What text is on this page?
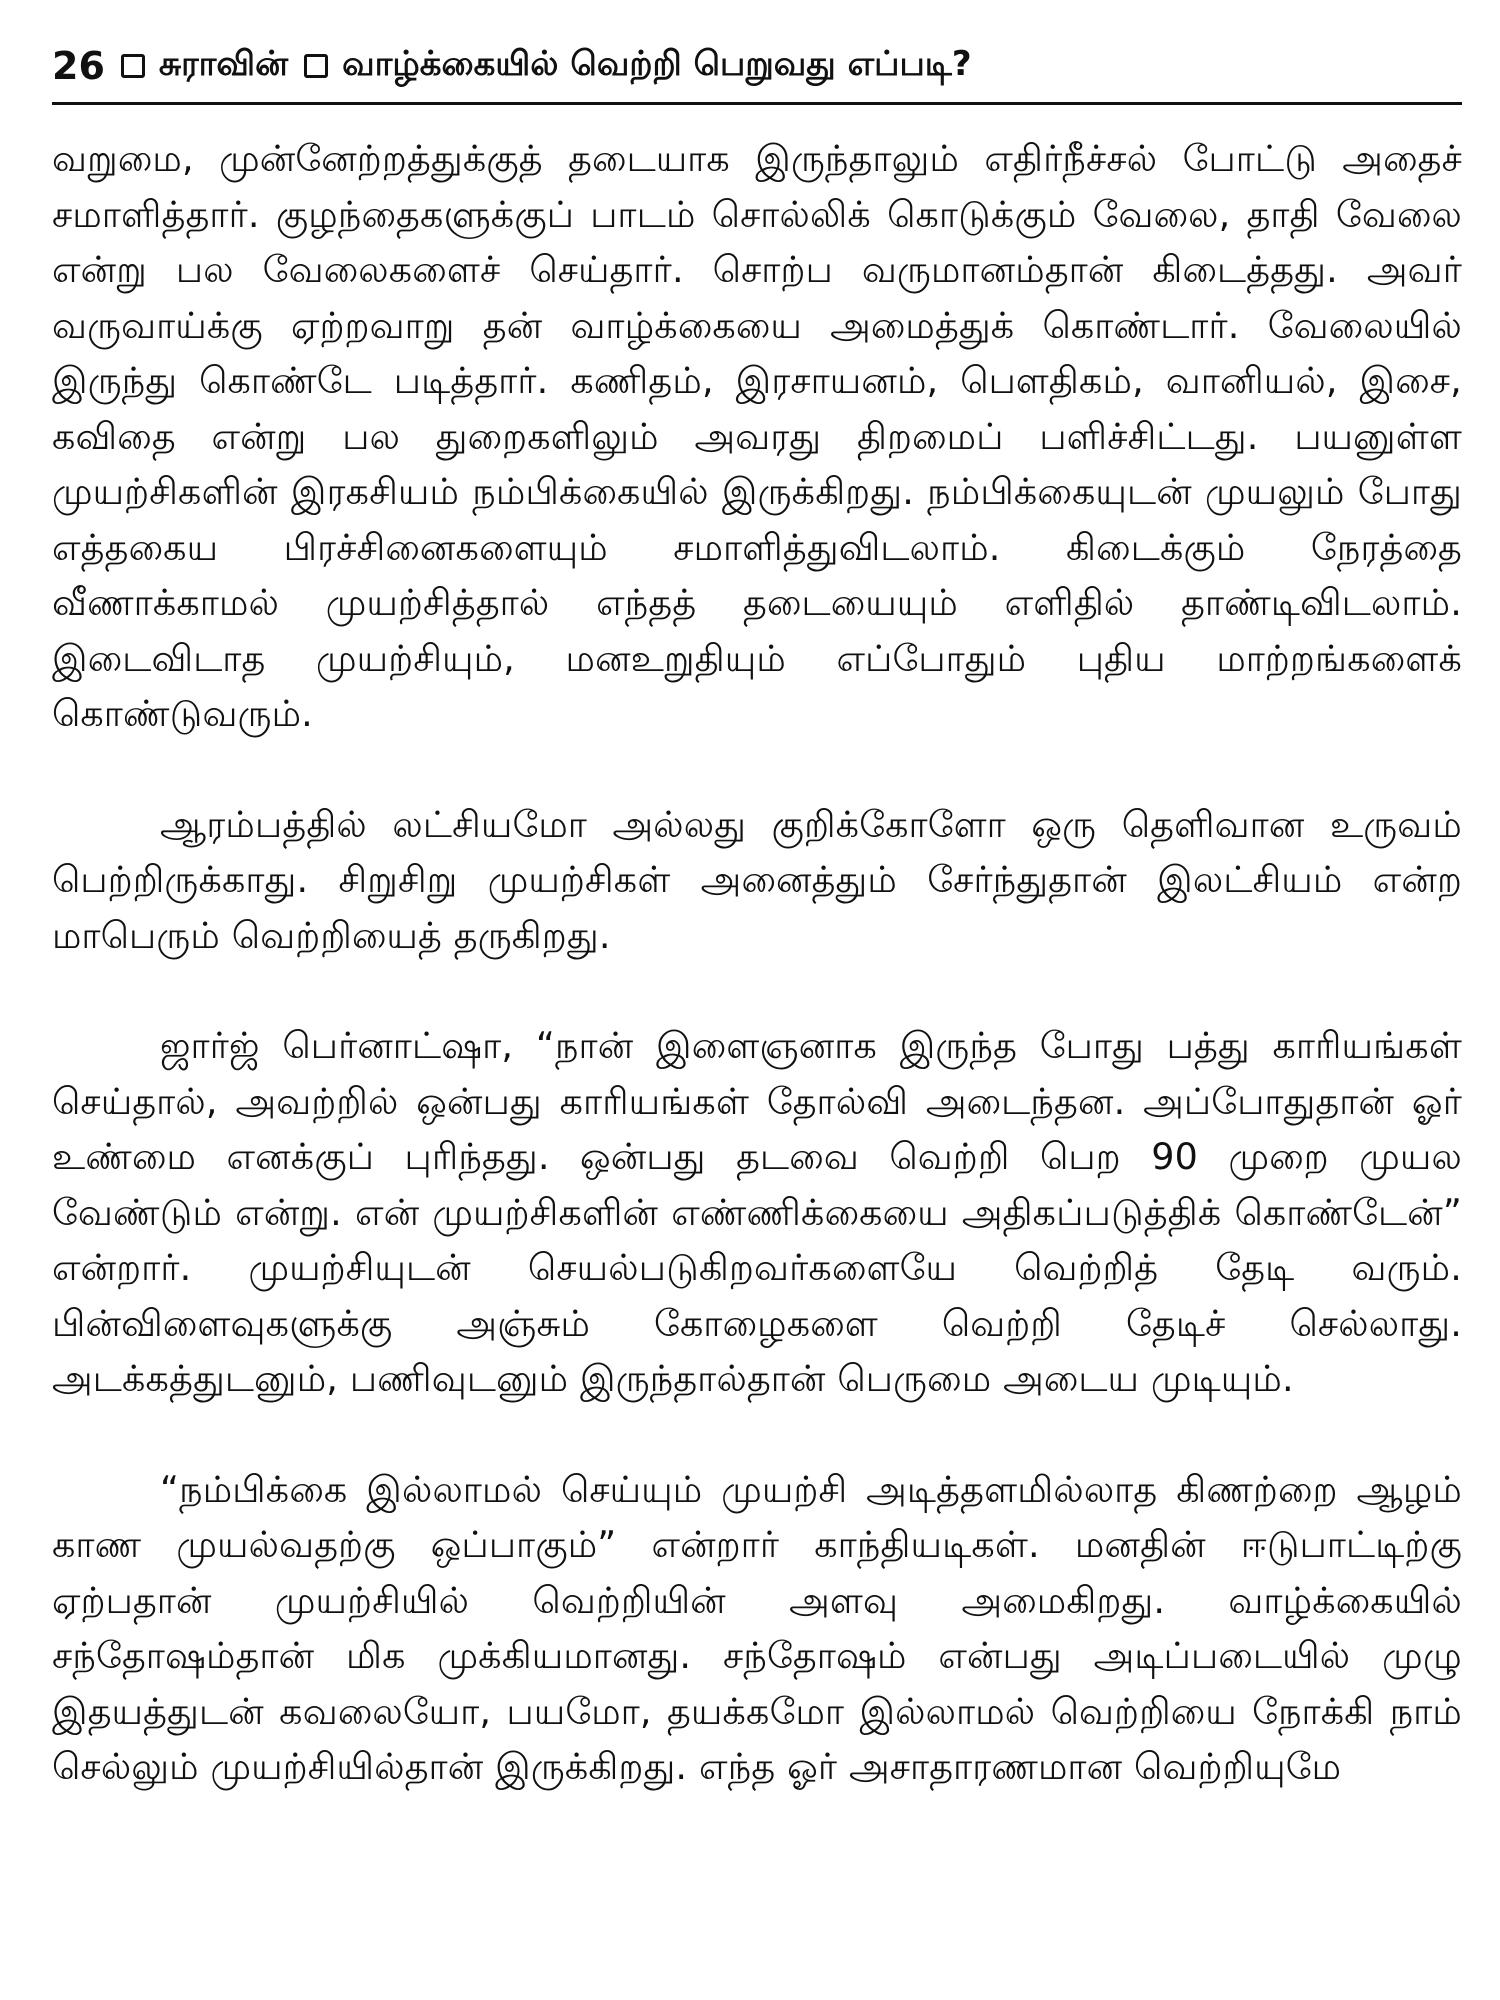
26 சுராவின் வாழ்க்கையில் வெற்றி பெறுவது எப்படி?

வறுமை, முன்னேற்றத்துக்குத் தடையாக இருந்தாலும் எதிர்நீச்சல் போட்டு அதைச் சமாளித்தார். குழந்தைகளுக்குப் பாடம் சொல்லிக் கொடுக்கும் வேலை, தாதி வேலை என்று பல வேலைகளைச் செய்தார். சொற்ப வருமானம்தான் கிடைத்தது. அவர் வருவாய்க்கு ஏற்றவாறு தன் வாழ்க்கையை அமைத்துக் கொண்டார். வேலையில் இருந்து கொண்டே படித்தார். கணிதம், இரசாயனம், பௌதிகம், வானியல், இசை, கவிதை என்று பல துறைகளிலும் அவரது திறமைப் பளிச்சிட்டது. பயனுள்ள முயற்சிகளின் இரகசியம் நம்பிக்கையில் இருக்கிறது. நம்பிக்கையுடன் முயலும் போது எத்தகைய பிரச்சினைகளையும் சமாளித்துவிடலாம். கிடைக்கும் நேரத்தை வீணாக்காமல் முயற்சித்தால் எந்தத் தடையையும் எளிதில் தாண்டிவிடலாம். இடைவிடாத முயற்சியும், மனஉறுதியும் எப்போதும் புதிய மாற்றங்களைக் கொண்டுவரும்.

ஆரம்பத்தில் லட்சியமோ அல்லது குறிக்கோளோ ஒரு தெளிவான உருவம் பெற்றிருக்காது. சிறுசிறு முயற்சிகள் அனைத்தும் சேர்ந்துதான் இலட்சியம் என்ற மாபெரும் வெற்றியைத் தருகிறது.

ஜார்ஜ் பெர்னாட்ஷா, “நான் இளைஞனாக இருந்த போது பத்து காரியங்கள் செய்தால், அவற்றில் ஒன்பது காரியங்கள் தோல்வி அடைந்தன. அப்போதுதான் ஓர் உண்மை எனக்குப் புரிந்தது. ஒன்பது தடவை வெற்றி பெற 90 முறை முயல வேண்டும் என்று. என் முயற்சிகளின் எண்ணிக்கையை அதிகப்படுத்திக் கொண்டேன்” என்றார். முயற்சியுடன் செயல்படுகிறவர்களையே வெற்றித் தேடி வரும். பின்விளைவுகளுக்கு அஞ்சும் கோழைகளை வெற்றி தேடிச் செல்லாது. அடக்கத்துடனும், பணிவுடனும் இருந்தால்தான் பெருமை அடைய முடியும்.

“நம்பிக்கை இல்லாமல் செய்யும் முயற்சி அடித்தளமில்லாத கிணற்றை ஆழம் காண முயல்வதற்கு ஒப்பாகும்” என்றார் காந்தியடிகள். மனதின் ஈடுபாட்டிற்கு ஏற்பதான் முயற்சியில் வெற்றியின் அளவு அமைகிறது. வாழ்க்கையில் சந்தோஷம்தான் மிக முக்கியமானது. சந்தோஷம் என்பது அடிப்படையில் முழு இதயத்துடன் கவலையோ, பயமோ, தயக்கமோ இல்லாமல் வெற்றியை நோக்கி நாம் செல்லும் முயற்சியில்தான் இருக்கிறது. எந்த ஓர் அசாதாரணமான வெற்றியுமே
